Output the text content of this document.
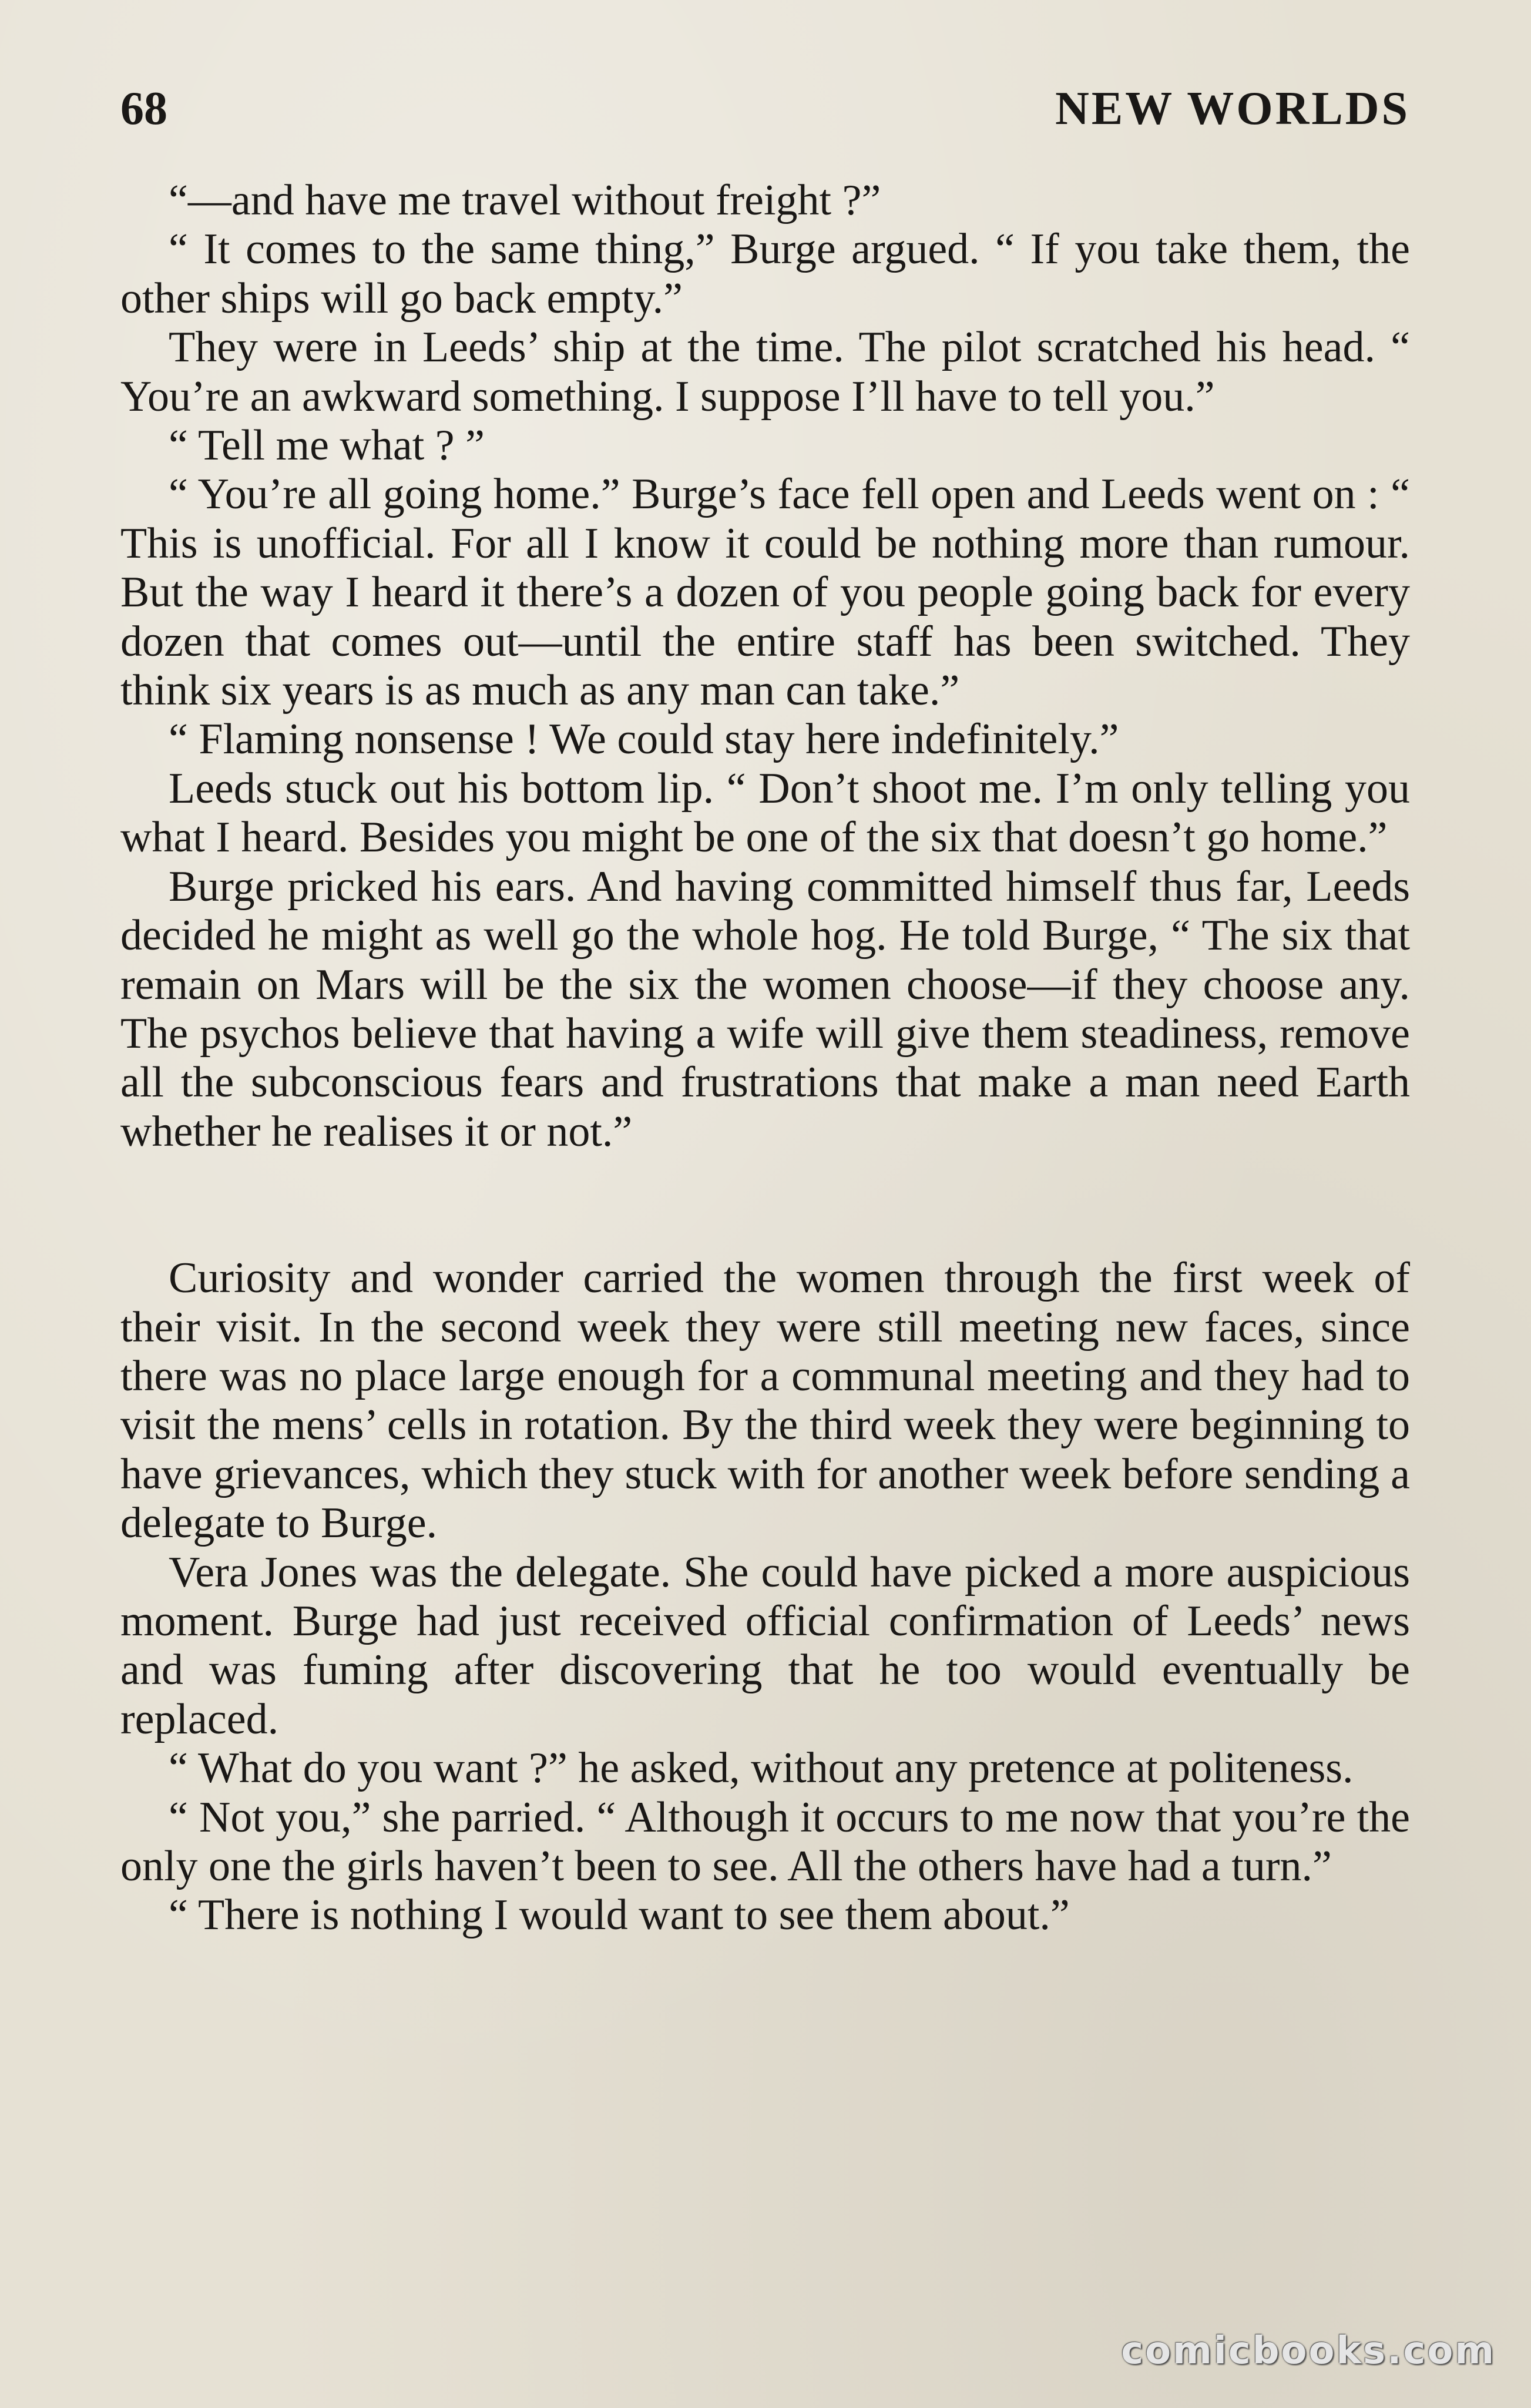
68	NEW WORLDS

“—and have me travel without freight ?”

“ It comes to the same thing,” Burge argued. “ If you take them, the other ships will go back empty.”

They were in Leeds’ ship at the time. The pilot scratched his head. “ You’re an awkward something. I suppose I’ll have to tell you.”

“ Tell me what ? ”

“ You’re all going home.” Burge’s face fell open and Leeds went on : “ This is unofficial. For all I know it could be nothing more than rumour. But the way I heard it there’s a dozen of you people going back for every dozen that comes out—until the entire staff has been switched. They think six years is as much as any man can take.”

“ Flaming nonsense ! We could stay here indefinitely.”

Leeds stuck out his bottom lip. “ Don’t shoot me. I’m only telling you what I heard. Besides you might be one of the six that doesn’t go home.”

Burge pricked his ears. And having committed himself thus far, Leeds decided he might as well go the whole hog. He told Burge, “ The six that remain on Mars will be the six the women choose—if they choose any. The psychos believe that having a wife will give them steadiness, remove all the subconscious fears and frustrations that make a man need Earth whether he realises it or not.”

Curiosity and wonder carried the women through the first week of their visit. In the second week they were still meeting new faces, since there was no place large enough for a communal meeting and they had to visit the mens’ cells in rotation. By the third week they were beginning to have grievances, which they stuck with for another week before sending a delegate to Burge.

Vera Jones was the delegate. She could have picked a more auspicious moment. Burge had just received official confirmation of Leeds’ news and was fuming after discovering that he too would eventually be replaced.

“ What do you want ?” he asked, without any pretence at politeness.

“ Not you,” she parried. “ Although it occurs to me now that you’re the only one the girls haven’t been to see. All the others have had a turn.”

“ There is nothing I would want to see them about.”

comicbooks.com
